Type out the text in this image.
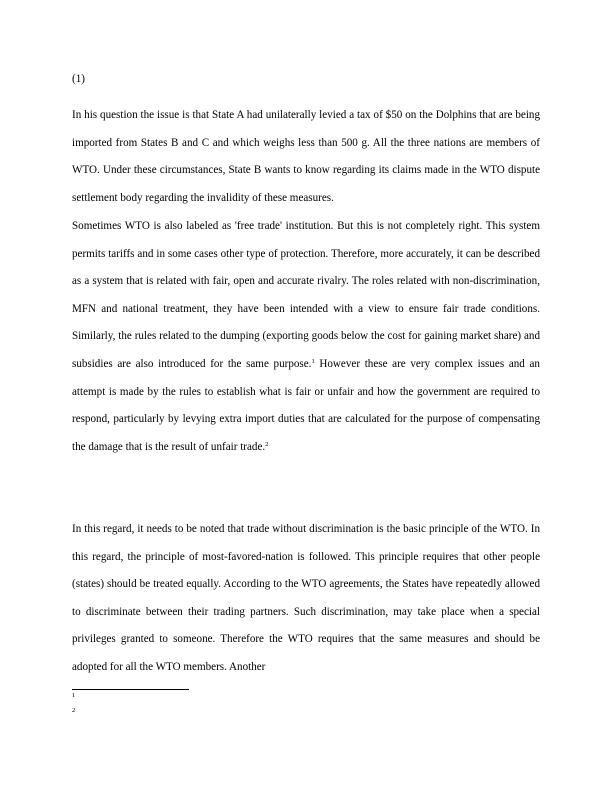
(1)

In his question the issue is that State A had unilaterally levied a tax of $50 on the Dolphins that are being imported from States B and C and which weighs less than 500 g. All the three nations are members of WTO. Under these circumstances, State B wants to know regarding its claims made in the WTO dispute settlement body regarding the invalidity of these measures.

Sometimes WTO is also labeled as 'free trade' institution. But this is not completely right. This system permits tariffs and in some cases other type of protection. Therefore, more accurately, it can be described as a system that is related with fair, open and accurate rivalry. The roles related with non-discrimination, MFN and national treatment, they have been intended with a view to ensure fair trade conditions. Similarly, the rules related to the dumping (exporting goods below the cost for gaining market share) and subsidies are also introduced for the same purpose.$^1$ However these are very complex issues and an attempt is made by the rules to establish what is fair or unfair and how the government are required to respond, particularly by levying extra import duties that are calculated for the purpose of compensating the damage that is the result of unfair trade.$^2$

In this regard, it needs to be noted that trade without discrimination is the basic principle of the WTO. In this regard, the principle of most-favored-nation is followed. This principle requires that other people (states) should be treated equally. According to the WTO agreements, the States have repeatedly allowed to discriminate between their trading partners. Such discrimination, may take place when a special privileges granted to someone. Therefore the WTO requires that the same measures and should be adopted for all the WTO members. Another

1
2
